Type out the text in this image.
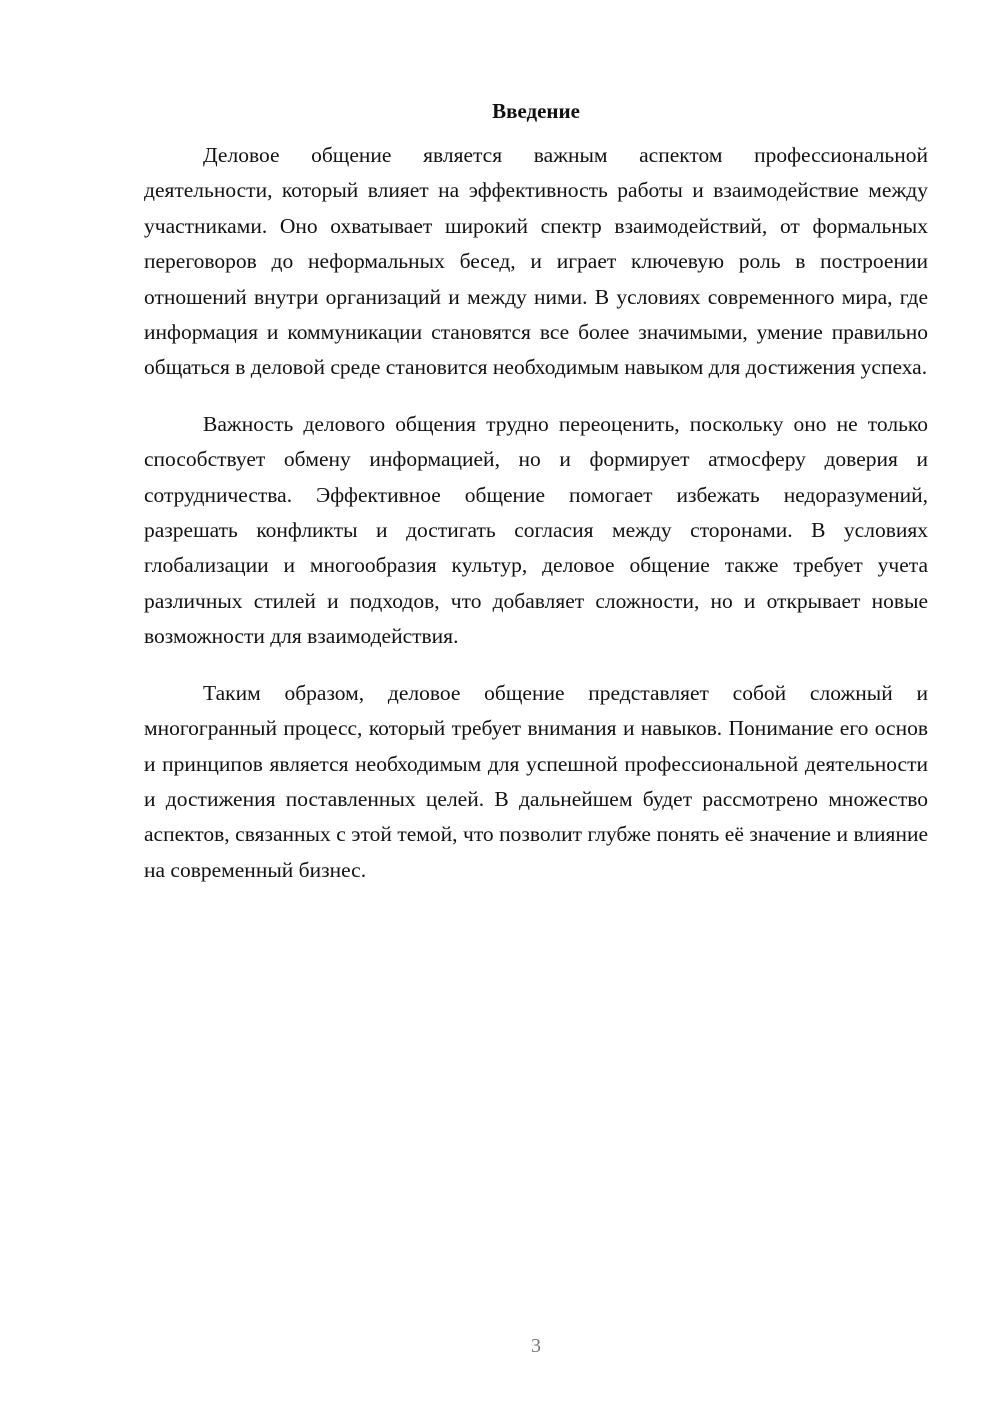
Введение

Деловое общение является важным аспектом профессиональной деятельности, который влияет на эффективность работы и взаимодействие между участниками. Оно охватывает широкий спектр взаимодействий, от формальных переговоров до неформальных бесед, и играет ключевую роль в построении отношений внутри организаций и между ними. В условиях современного мира, где информация и коммуникации становятся все более значимыми, умение правильно общаться в деловой среде становится необходимым навыком для достижения успеха.

Важность делового общения трудно переоценить, поскольку оно не только способствует обмену информацией, но и формирует атмосферу доверия и сотрудничества. Эффективное общение помогает избежать недоразумений, разрешать конфликты и достигать согласия между сторонами. В условиях глобализации и многообразия культур, деловое общение также требует учета различных стилей и подходов, что добавляет сложности, но и открывает новые возможности для взаимодействия.

Таким образом, деловое общение представляет собой сложный и многогранный процесс, который требует внимания и навыков. Понимание его основ и принципов является необходимым для успешной профессиональной деятельности и достижения поставленных целей. В дальнейшем будет рассмотрено множество аспектов, связанных с этой темой, что позволит глубже понять её значение и влияние на современный бизнес.

3
